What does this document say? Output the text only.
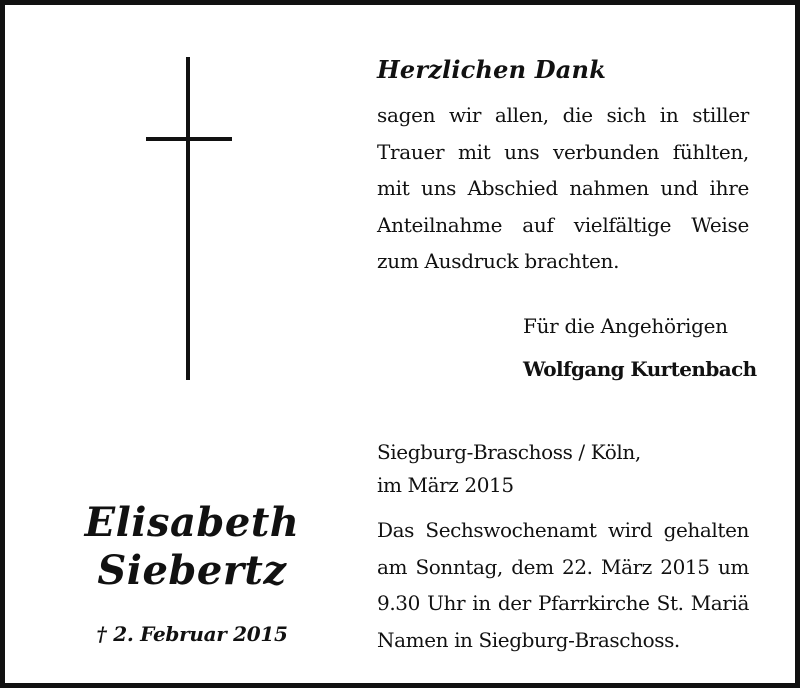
Herzlichen Dank

sagen wir allen, die sich in stiller Trauer mit uns verbunden fühlten, mit uns Abschied nahmen und ihre Anteilnahme auf vielfältige Weise zum Ausdruck brachten.

Für die Angehörigen
Wolfgang Kurtenbach
Siegburg-Braschoss / Köln,
im März 2015

Das Sechswochenamt wird gehalten am Sonntag, dem 22. März 2015 um 9.30 Uhr in der Pfarrkirche St. Mariä Namen in Siegburg-Braschoss.

Elisabeth
Siebertz
† 2. Februar 2015
